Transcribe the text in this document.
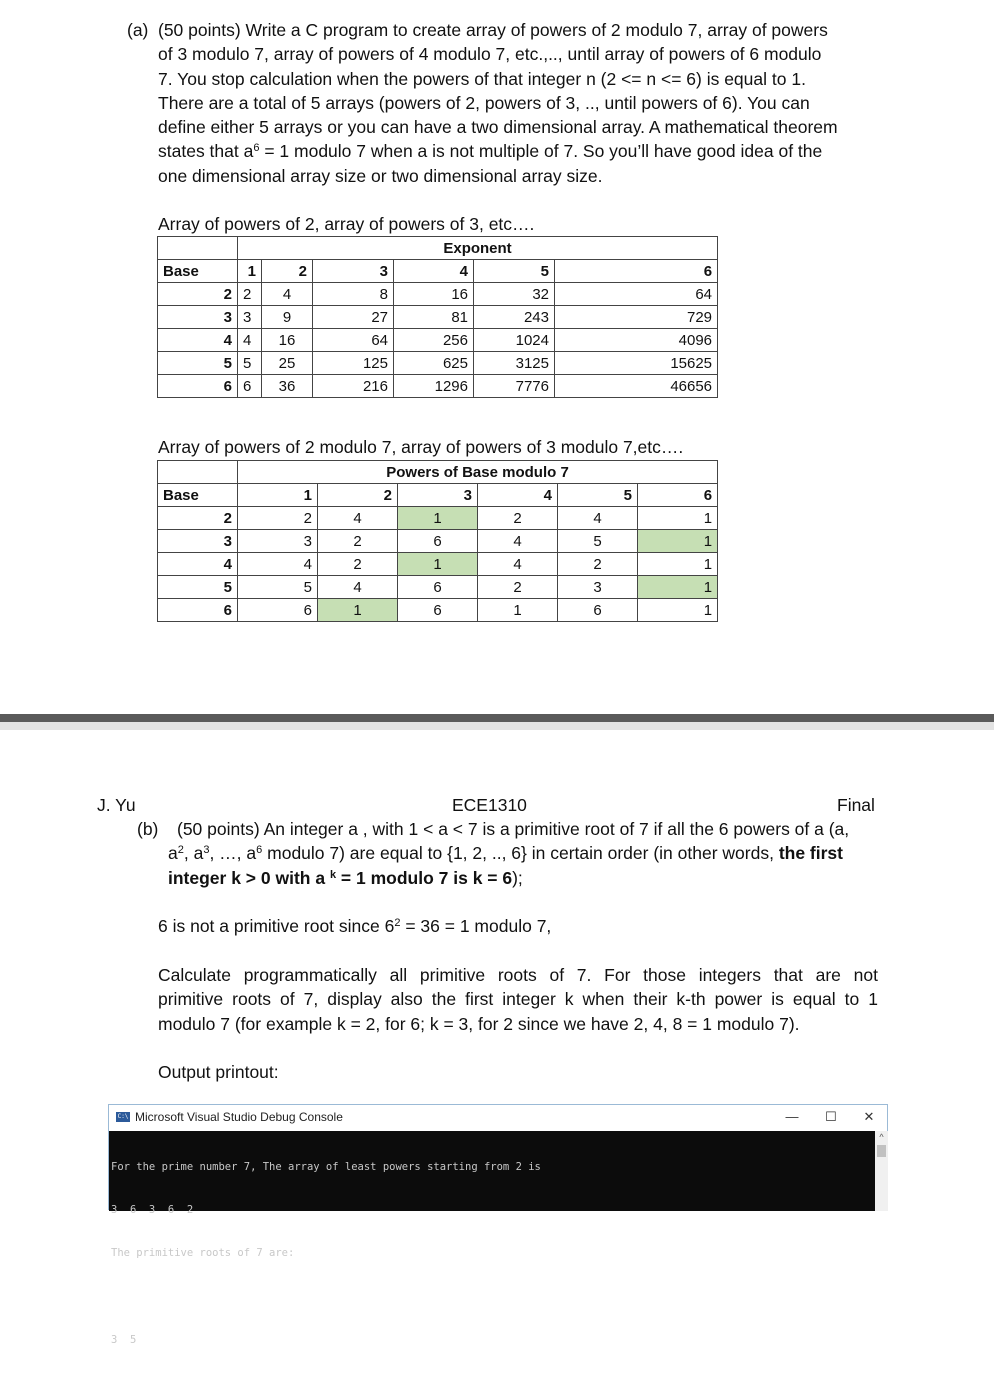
(a) (50 points) Write a C program to create array of powers of 2 modulo 7, array of powers
of 3 modulo 7, array of powers of 4 modulo 7, etc.,.., until array of powers of 6 modulo
7. You stop calculation when the powers of that integer n (2 <= n <= 6) is equal to 1.
There are a total of 5 arrays (powers of 2, powers of 3, .., until powers of 6). You can
define either 5 arrays or you can have a two dimensional array. A mathematical theorem
states that $a^6 = 1$ modulo 7 when a is not multiple of 7. So you’ll have good idea of the
one dimensional array size or two dimensional array size.
Array of powers of 2, array of powers of 3, etc….
	Exponent					
Base	1	2	3	4	5	6
2	2	4	8	16	32	64
3	3	9	27	81	243	729
4	4	16	64	256	1024	4096
5	5	25	125	625	3125	15625
6	6	36	216	1296	7776	46656
Array of powers of 2 modulo 7, array of powers of 3 modulo 7,etc….
	Powers of Base modulo 7					
Base	1	2	3	4	5	6
2	2	4	1	2	4	1
3	3	2	6	4	5	1
4	4	2	1	4	2	1
5	5	4	6	2	3	1
6	6	1	6	1	6	1
J. Yu	ECE1310	Final
(b) (50 points) An integer a , with 1 < a < 7 is a primitive root of 7 if all the 6 powers of a (a,
$a^2$, $a^3$, …, $a^6$ modulo 7) are equal to {1, 2, .., 6} in certain order (in other words, the first
integer k > 0 with a $^k$ = 1 modulo 7 is k = 6);
6 is not a primitive root since $6^2 = 36 = 1$ modulo 7,
Calculate programmatically all primitive roots of 7. For those integers that are not
primitive roots of 7, display also the first integer k when their k-th power is equal to 1
modulo 7 (for example k = 2, for 6; k = 3, for 2 since we have 2, 4, 8 = 1 modulo 7).
Output printout:
C:\ Microsoft Visual Studio Debug Console	—	☐	✕

For the prime number 7, The array of least powers starting from 2 is

3  6  3  6  2

The primitive roots of 7 are:

3  5

^
